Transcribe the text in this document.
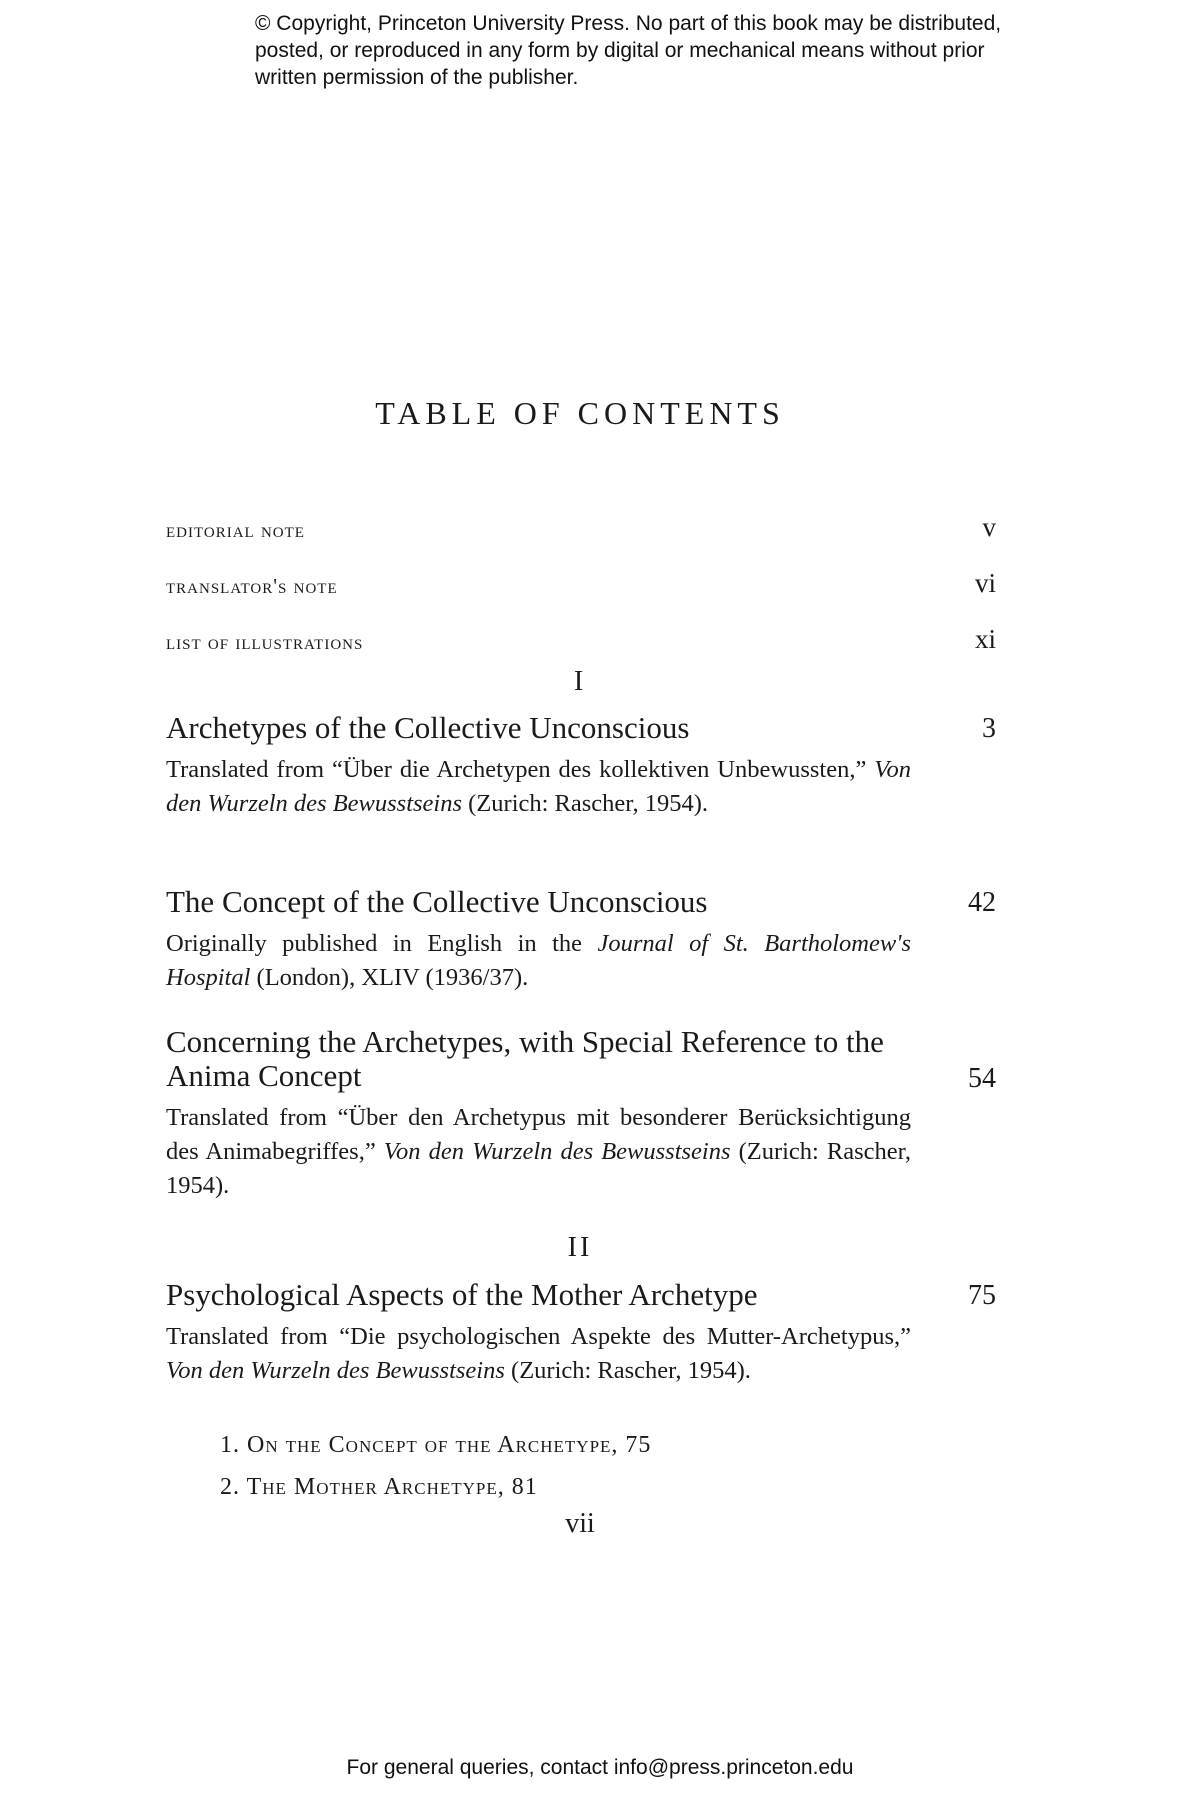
© Copyright, Princeton University Press. No part of this book may be distributed, posted, or reproduced in any form by digital or mechanical means without prior written permission of the publisher.
TABLE OF CONTENTS
editorial note	v
translator's note	vi
list of illustrations	xi
I
Archetypes of the Collective Unconscious	3
Translated from “Über die Archetypen des kollektiven Unbewussten,” Von den Wurzeln des Bewusstseins (Zurich: Rascher, 1954).
The Concept of the Collective Unconscious	42
Originally published in English in the Journal of St. Bartholomew's Hospital (London), XLIV (1936/37).
Concerning the Archetypes, with Special Reference to the Anima Concept	54
Translated from “Über den Archetypus mit besonderer Berücksichtigung des Animabegriffes,” Von den Wurzeln des Bewusstseins (Zurich: Rascher, 1954).
II
Psychological Aspects of the Mother Archetype	75
Translated from “Die psychologischen Aspekte des Mutter-Archetypus,” Von den Wurzeln des Bewusstseins (Zurich: Rascher, 1954).
1. On the Concept of the Archetype, 75
2. The Mother Archetype, 81
vii
For general queries, contact info@press.princeton.edu
